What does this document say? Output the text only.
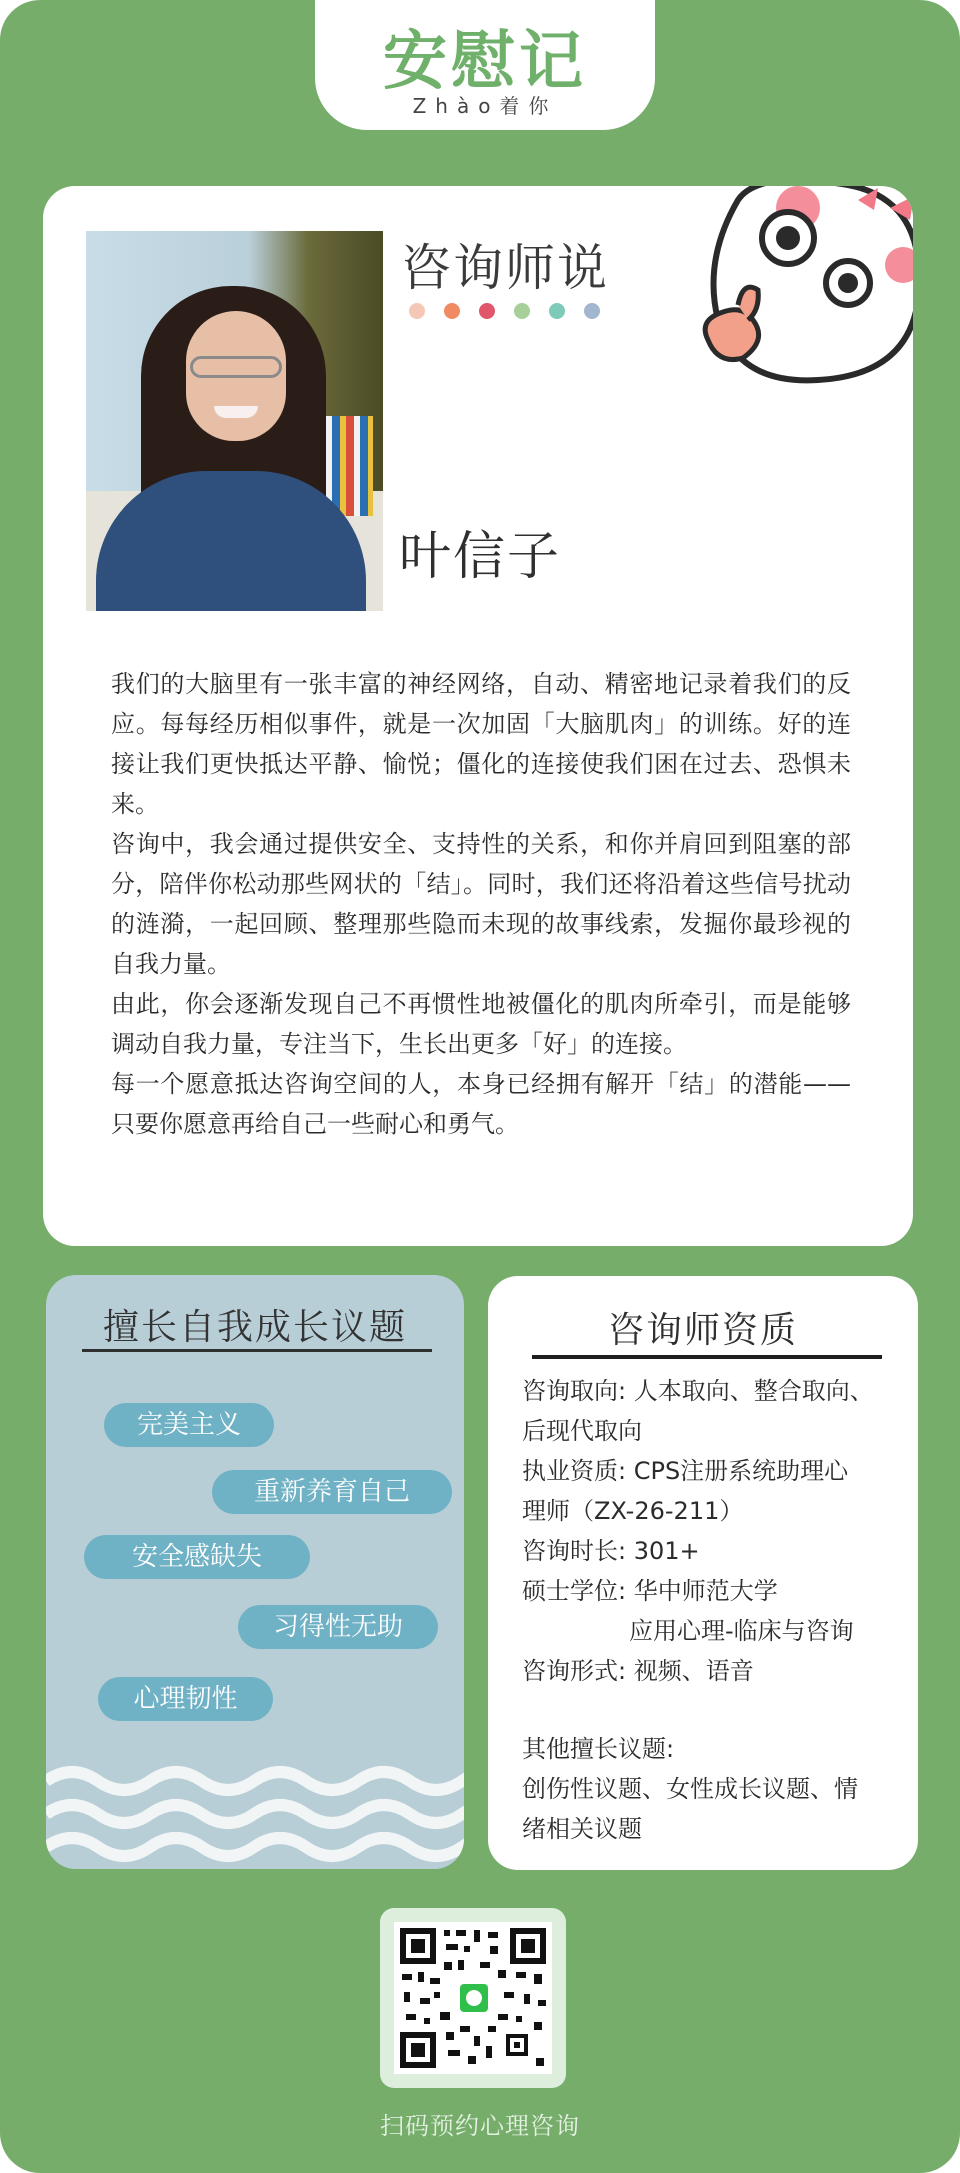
安慰记
Zhào着你
咨询师说
叶信子

我们的大脑里有一张丰富的神经网络，自动、精密地记录着我们的反应。每每经历相似事件，就是一次加固「大脑肌肉」的训练。好的连接让我们更快抵达平静、愉悦；僵化的连接使我们困在过去、恐惧未来。

咨询中，我会通过提供安全、支持性的关系，和你并肩回到阻塞的部分，陪伴你松动那些网状的「结」。同时，我们还将沿着这些信号扰动的涟漪，一起回顾、整理那些隐而未现的故事线索，发掘你最珍视的自我力量。

由此，你会逐渐发现自己不再惯性地被僵化的肌肉所牵引，而是能够调动自我力量，专注当下，生长出更多「好」的连接。

每一个愿意抵达咨询空间的人，本身已经拥有解开「结」的潜能——只要你愿意再给自己一些耐心和勇气。

擅长自我成长议题
完美主义
重新养育自己
安全感缺失
习得性无助
心理韧性
咨询师资质
咨询取向: 人本取向、整合取向、
后现代取向
执业资质: CPS注册系统助理心
理师（ZX-26-211）
咨询时长: 301+
硕士学位: 华中师范大学
应用心理-临床与咨询
咨询形式: 视频、语音
其他擅长议题:
创伤性议题、女性成长议题、情
绪相关议题
扫码预约心理咨询
